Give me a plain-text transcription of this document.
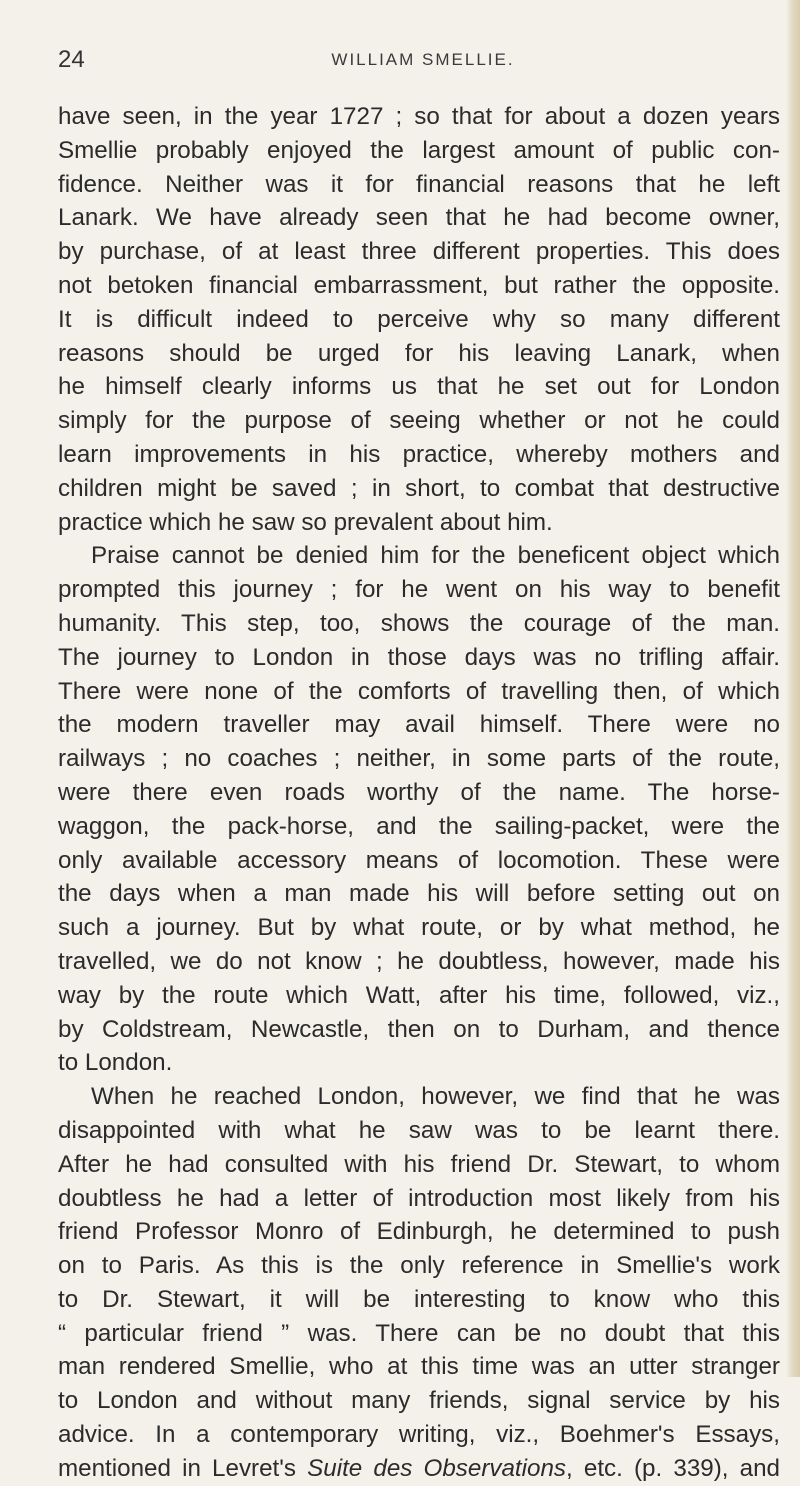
24	WILLIAM SMELLIE.
have seen, in the year 1727 ; so that for about a dozen years
Smellie probably enjoyed the largest amount of public con-
fidence. Neither was it for financial reasons that he left
Lanark. We have already seen that he had become owner,
by purchase, of at least three different properties. This does
not betoken financial embarrassment, but rather the opposite.
It is difficult indeed to perceive why so many different
reasons should be urged for his leaving Lanark, when
he himself clearly informs us that he set out for London
simply for the purpose of seeing whether or not he could
learn improvements in his practice, whereby mothers and
children might be saved ; in short, to combat that destructive
practice which he saw so prevalent about him.
Praise cannot be denied him for the beneficent object which
prompted this journey ; for he went on his way to benefit
humanity. This step, too, shows the courage of the man.
The journey to London in those days was no trifling affair.
There were none of the comforts of travelling then, of which
the modern traveller may avail himself. There were no
railways ; no coaches ; neither, in some parts of the route,
were there even roads worthy of the name. The horse-
waggon, the pack-horse, and the sailing-packet, were the
only available accessory means of locomotion. These were
the days when a man made his will before setting out on
such a journey. But by what route, or by what method, he
travelled, we do not know ; he doubtless, however, made his
way by the route which Watt, after his time, followed, viz.,
by Coldstream, Newcastle, then on to Durham, and thence
to London.
When he reached London, however, we find that he was
disappointed with what he saw was to be learnt there.
After he had consulted with his friend Dr. Stewart, to whom
doubtless he had a letter of introduction most likely from his
friend Professor Monro of Edinburgh, he determined to push
on to Paris. As this is the only reference in Smellie's work
to Dr. Stewart, it will be interesting to know who this
“ particular friend ” was. There can be no doubt that this
man rendered Smellie, who at this time was an utter stranger
to London and without many friends, signal service by his
advice. In a contemporary writing, viz., Boehmer's Essays,
mentioned in Levret's Suite des Observations, etc. (p. 339), and
